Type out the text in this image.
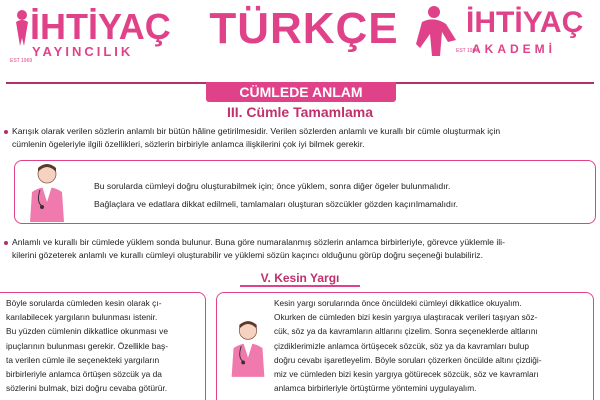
İHTİYAÇ
YAYINCILIK
EST 1969
TÜRKÇE İHTİYAÇ
AKADEMİ
EST 1969
CÜMLEDE ANLAM
III. Cümle Tamamlama
Karışık olarak verilen sözlerin anlamlı bir bütün hâline getirilmesidir. Verilen sözlerden anlamlı ve kurallı bir cümle oluşturmak için
cümlenin ögeleriyle ilgili özellikleri, sözlerin birbiriyle anlamca ilişkilerini çok iyi bilmek gerekir.
Bu sorularda cümleyi doğru oluşturabilmek için; önce yüklem, sonra diğer ögeler bulunmalıdır.
Bağlaçlara ve edatlara dikkat edilmeli, tamlamaları oluşturan sözcükler gözden kaçırılmamalıdır.
Anlamlı ve kurallı bir cümlede yüklem sonda bulunur. Buna göre numaralanmış sözlerin anlamca birbirleriyle, görevce yüklemle ili-
kilerini gözeterek anlamlı ve kurallı cümleyi oluşturabilir ve yüklemi sözün kaçıncı olduğunu görüp doğru seçeneği bulabiliriz.
V. Kesin Yargı
Böyle sorularda cümleden kesin olarak çı-
karılabilecek yargıların bulunması istenir.
Bu yüzden cümlenin dikkatlice okunması ve
ipuçlarının bulunması gerekir. Özellikle baş-
ta verilen cümle ile seçenekteki yargıların
birbirleriyle anlamca örtüşen sözcük ya da
sözlerini bulmak, bizi doğru cevaba götürür.
Kesin yargı sorularında önce öncüldeki cümleyi dikkatlice okuyalım.
Okurken de cümleden bizi kesin yargıya ulaştıracak verileri taşıyan söz-
cük, söz ya da kavramların altlarını çizelim. Sonra seçeneklerde altlarını
çizdiklerimizle anlamca örtüşecek sözcük, söz ya da kavramları bulup
doğru cevabı işaretleyelim. Böyle soruları çözerken öncülde altını çizdiği-
miz ve cümleden bizi kesin yargıya götürecek sözcük, söz ve kavramları
anlamca birbirleriyle örtüştürme yöntemini uygulayalım.
